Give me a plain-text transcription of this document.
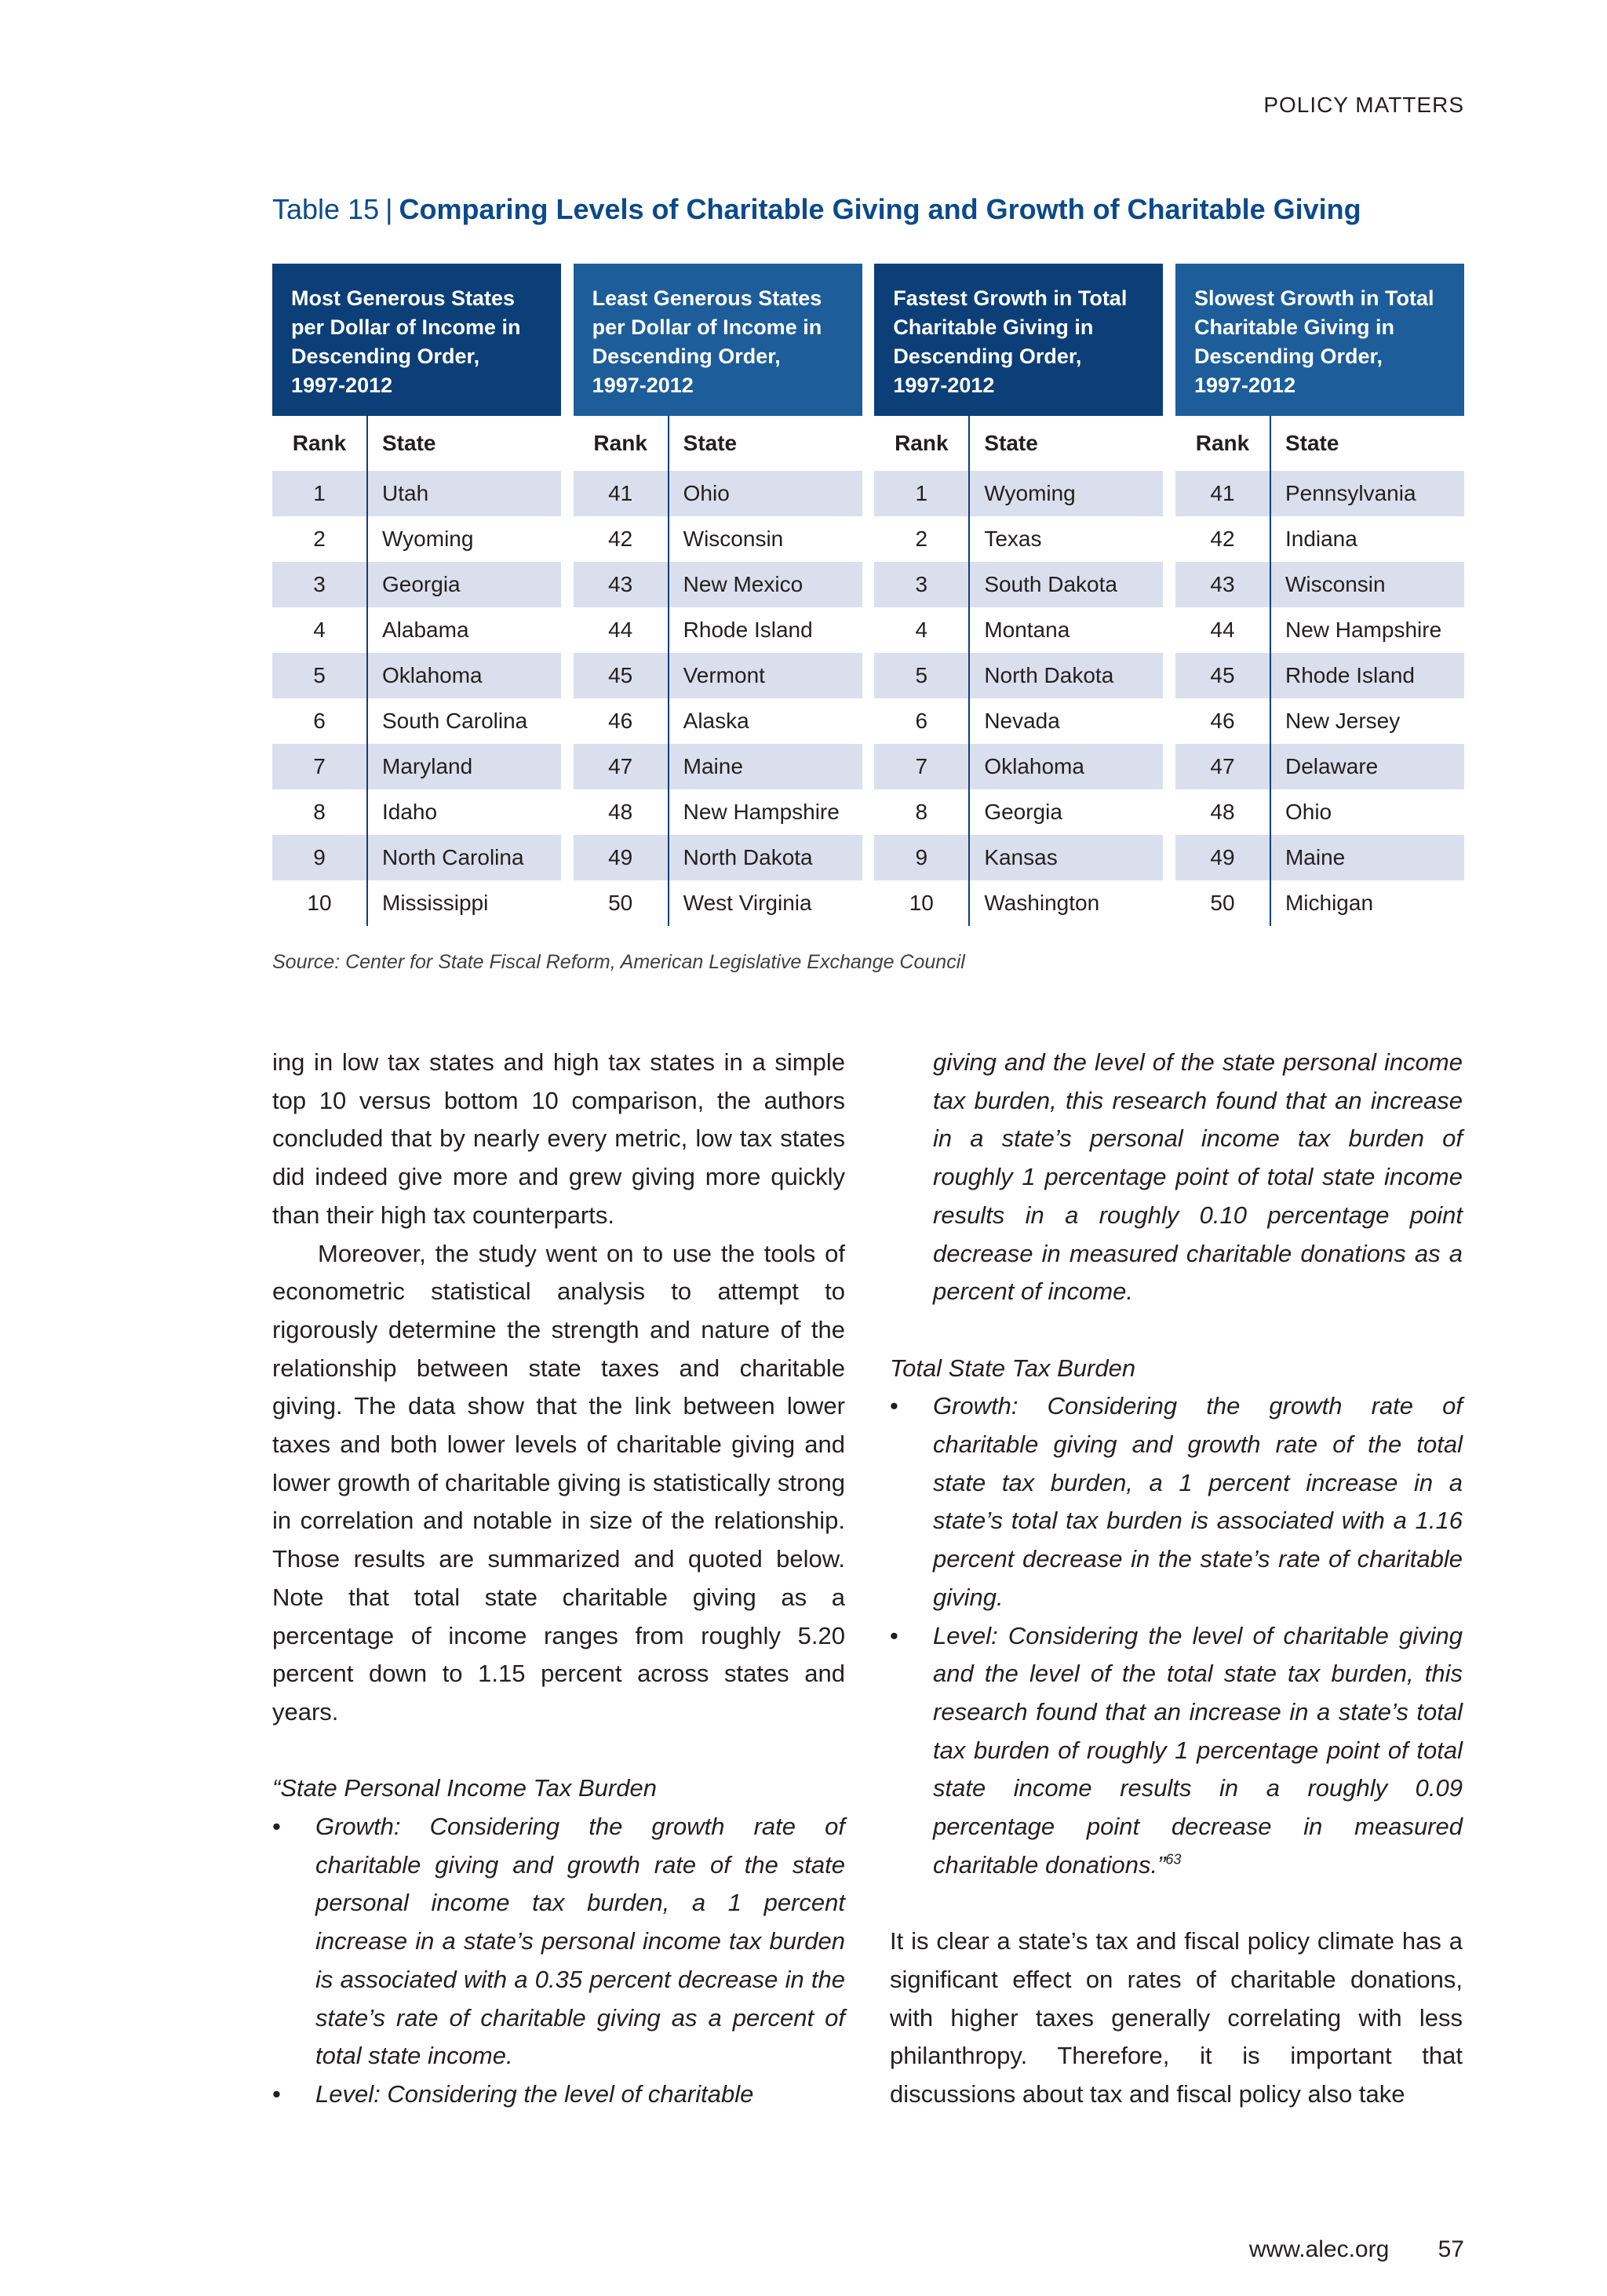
POLICY MATTERS
Table 15 | Comparing Levels of Charitable Giving and Growth of Charitable Giving
Most Generous States
per Dollar of Income in
Descending Order,
1997-2012
Least Generous States
per Dollar of Income in
Descending Order,
1997-2012
Fastest Growth in Total
Charitable Giving in
Descending Order,
1997-2012
Slowest Growth in Total
Charitable Giving in
Descending Order,
1997-2012
Rank	State
1	Utah
2	Wyoming
3	Georgia
4	Alabama
5	Oklahoma
6	South Carolina
7	Maryland
8	Idaho
9	North Carolina
10	Mississippi
Rank	State
41	Ohio
42	Wisconsin
43	New Mexico
44	Rhode Island
45	Vermont
46	Alaska
47	Maine
48	New Hampshire
49	North Dakota
50	West Virginia
Rank	State
1	Wyoming
2	Texas
3	South Dakota
4	Montana
5	North Dakota
6	Nevada
7	Oklahoma
8	Georgia
9	Kansas
10	Washington
Rank	State
41	Pennsylvania
42	Indiana
43	Wisconsin
44	New Hampshire
45	Rhode Island
46	New Jersey
47	Delaware
48	Ohio
49	Maine
50	Michigan
Source: Center for State Fiscal Reform, American Legislative Exchange Council

ing in low tax states and high tax states in a simple top 10 versus bottom 10 comparison, the authors concluded that by nearly every metric, low tax states did indeed give more and grew giving more quickly than their high tax counterparts.

Moreover, the study went on to use the tools of econometric statistical analysis to attempt to rigorously determine the strength and nature of the relationship between state taxes and charitable giving. The data show that the link between lower taxes and both lower levels of charitable giving and lower growth of charitable giving is statistically strong in correlation and notable in size of the relationship. Those results are summarized and quoted below. Note that total state charitable giving as a percentage of income ranges from roughly 5.20 percent down to 1.15 percent across states and years.

“State Personal Income Tax Burden

•	Growth: Considering the growth rate of charitable giving and growth rate of the state personal income tax burden, a 1 percent increase in a state’s personal income tax burden is associated with a 0.35 percent decrease in the state’s rate of charitable giving as a percent of total state income.
•	Level: Considering the level of charitable
giving and the level of the state personal income tax burden, this research found that an increase in a state’s personal income tax burden of roughly 1 percentage point of total state income results in a roughly 0.10 percentage point decrease in measured charitable donations as a percent of income.

Total State Tax Burden

•	Growth: Considering the growth rate of charitable giving and growth rate of the total state tax burden, a 1 percent increase in a state’s total tax burden is associated with a 1.16 percent decrease in the state’s rate of charitable giving.
•	Level: Considering the level of charitable giving and the level of the total state tax burden, this research found that an increase in a state’s total tax burden of roughly 1 percentage point of total state income results in a roughly 0.09 percentage point decrease in measured charitable donations.”$^{63}$

It is clear a state’s tax and fiscal policy climate has a significant effect on rates of charitable donations, with higher taxes generally correlating with less philanthropy. Therefore, it is important that discussions about tax and fiscal policy also take

www.alec.org 57
